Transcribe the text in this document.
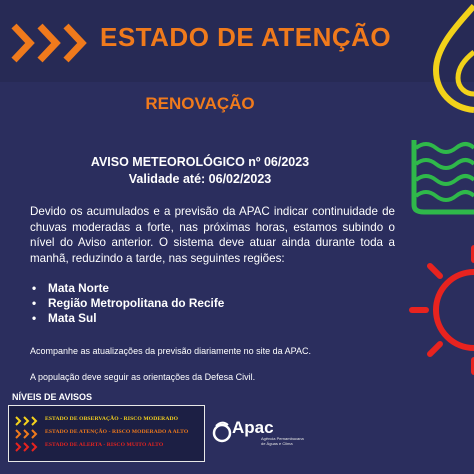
ESTADO DE ATENÇÃO
RENOVAÇÃO
AVISO METEOROLÓGICO nº 06/2023
Validade até: 06/02/2023
Devido os acumulados e a previsão da APAC indicar continuidade de chuvas moderadas a forte, nas próximas horas, estamos subindo o nível do Aviso anterior. O sistema deve atuar ainda durante toda a manhã, reduzindo a tarde, nas seguintes regiões:
• Mata Norte
• Região Metropolitana do Recife
• Mata Sul
Acompanhe as atualizações da previsão diariamente no site da APAC.
A população deve seguir as orientações da Defesa Civil.
NÍVEIS DE AVISOS
ESTADO DE OBSERVAÇÃO - RISCO MODERADO
ESTADO DE ATENÇÃO - RISCO MODERADO A ALTO
ESTADO DE ALERTA - RISCO MUITO ALTO
Apac
Agência Pernambucana
de Águas e Clima
